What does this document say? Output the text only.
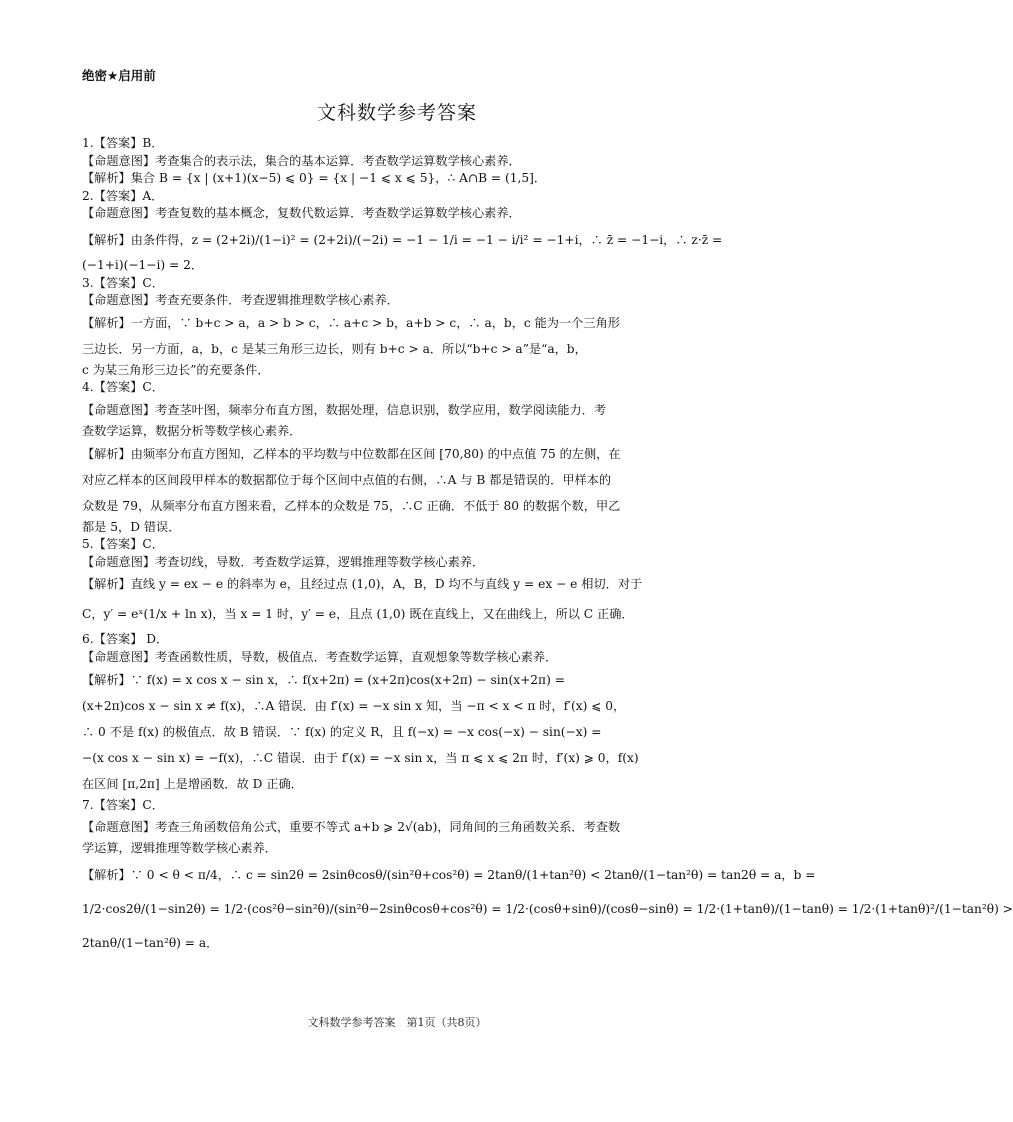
绝密★启用前
文科数学参考答案

1.【答案】B．

【命题意图】考查集合的表示法，集合的基本运算．考查数学运算数学核心素养．

【解析】集合 B = {x | (x+1)(x−5) ⩽ 0} = {x | −1 ⩽ x ⩽ 5}，∴ A∩B = (1,5]．

2.【答案】A．

【命题意图】考查复数的基本概念，复数代数运算．考查数学运算数学核心素养．

【解析】由条件得，z = (2+2i)/(1−i)² = (2+2i)/(−2i) = −1 − 1/i = −1 − i/i² = −1+i，∴ z̄ = −1−i，∴ z·z̄ =

(−1+i)(−1−i) = 2．

3.【答案】C．

【命题意图】考查充要条件．考查逻辑推理数学核心素养．

【解析】一方面，∵ b+c > a，a > b > c，∴ a+c > b，a+b > c，∴ a，b，c 能为一个三角形

三边长．另一方面，a，b，c 是某三角形三边长，则有 b+c > a．所以“b+c > a”是“a，b，

c 为某三角形三边长”的充要条件．

4.【答案】C．

【命题意图】考查茎叶图，频率分布直方图，数据处理，信息识别，数学应用，数学阅读能力．考

查数学运算，数据分析等数学核心素养．

【解析】由频率分布直方图知，乙样本的平均数与中位数都在区间 [70,80) 的中点值 75 的左侧，在

对应乙样本的区间段甲样本的数据都位于每个区间中点值的右侧，∴A 与 B 都是错误的．甲样本的

众数是 79，从频率分布直方图来看，乙样本的众数是 75，∴C 正确．不低于 80 的数据个数，甲乙

都是 5，D 错误．

5.【答案】C．

【命题意图】考查切线，导数．考查数学运算，逻辑推理等数学核心素养．

【解析】直线 y = ex − e 的斜率为 e，且经过点 (1,0)，A，B，D 均不与直线 y = ex − e 相切．对于

C，y′ = eˣ(1/x + ln x)，当 x = 1 时，y′ = e，且点 (1,0) 既在直线上，又在曲线上，所以 C 正确．

6.【答案】 D．

【命题意图】考查函数性质，导数，极值点．考查数学运算，直观想象等数学核心素养．

【解析】∵ f(x) = x cos x − sin x，∴ f(x+2π) = (x+2π)cos(x+2π) − sin(x+2π) =

(x+2π)cos x − sin x ≠ f(x)，∴A 错误．由 f′(x) = −x sin x 知，当 −π < x < π 时，f′(x) ⩽ 0，

∴ 0 不是 f(x) 的极值点．故 B 错误．∵ f(x) 的定义 R，且 f(−x) = −x cos(−x) − sin(−x) =

−(x cos x − sin x) = −f(x)，∴C 错误．由于 f′(x) = −x sin x，当 π ⩽ x ⩽ 2π 时，f′(x) ⩾ 0，f(x)

在区间 [π,2π] 上是增函数．故 D 正确．

7.【答案】C．

【命题意图】考查三角函数倍角公式，重要不等式 a+b ⩾ 2√(ab)，同角间的三角函数关系．考查数

学运算，逻辑推理等数学核心素养．

【解析】∵ 0 < θ < π/4，∴ c = sin2θ = 2sinθcosθ/(sin²θ+cos²θ) = 2tanθ/(1+tan²θ) < 2tanθ/(1−tan²θ) = tan2θ = a，b =

1/2·cos2θ/(1−sin2θ) = 1/2·(cos²θ−sin²θ)/(sin²θ−2sinθcosθ+cos²θ) = 1/2·(cosθ+sinθ)/(cosθ−sinθ) = 1/2·(1+tanθ)/(1−tanθ) = 1/2·(1+tanθ)²/(1−tan²θ) >

2tanθ/(1−tan²θ) = a．

文科数学参考答案　第1页（共8页）
